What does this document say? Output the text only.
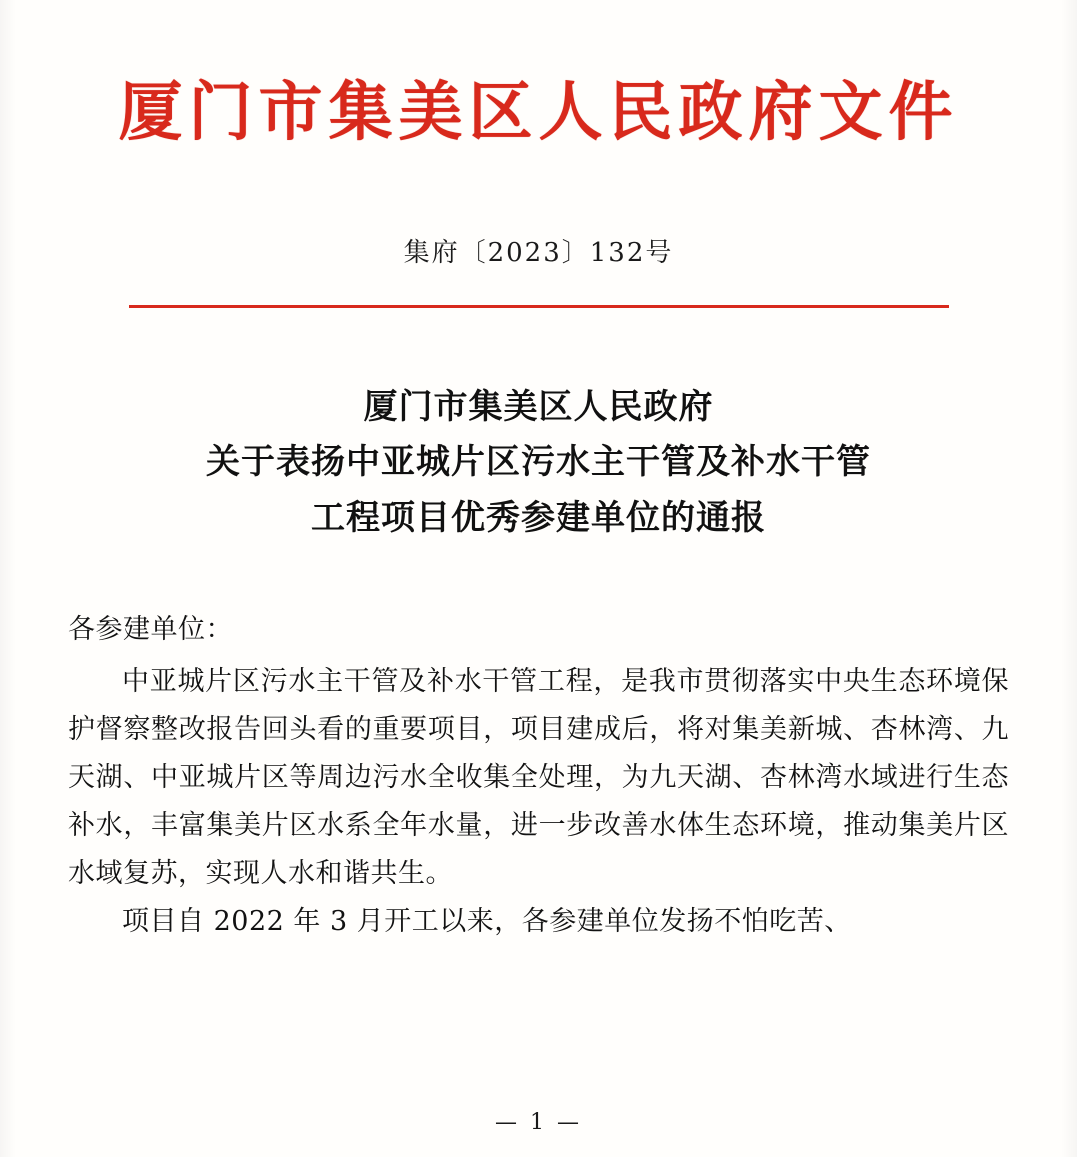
厦门市集美区人民政府文件
集府〔2023〕132号
厦门市集美区人民政府
关于表扬中亚城片区污水主干管及补水干管
工程项目优秀参建单位的通报
各参建单位：
中亚城片区污水主干管及补水干管工程，是我市贯彻落实中央生态环境保护督察整改报告回头看的重要项目，项目建成后，将对集美新城、杏林湾、九天湖、中亚城片区等周边污水全收集全处理，为九天湖、杏林湾水域进行生态补水，丰富集美片区水系全年水量，进一步改善水体生态环境，推动集美片区水域复苏，实现人水和谐共生。
项目自 2022 年 3 月开工以来，各参建单位发扬不怕吃苦、
— 1 —
